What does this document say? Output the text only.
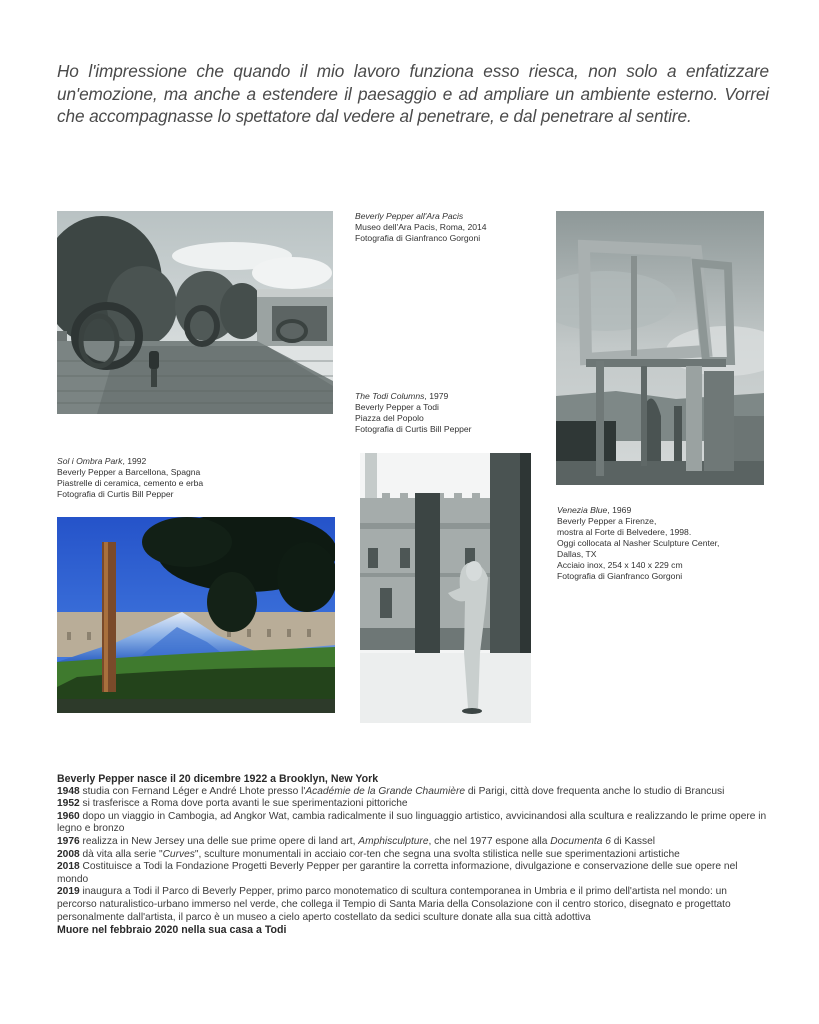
Ho l'impressione che quando il mio lavoro funziona esso riesca, non solo a enfatizzare un'emozione, ma anche a estendere il paesaggio e ad ampliare un ambiente esterno. Vorrei che accompagnasse lo spettatore dal vedere al penetrare, e dal penetrare al sentire.
Beverly Pepper all'Ara Pacis
Museo dell'Ara Pacis, Roma, 2014
Fotografia di Gianfranco Gorgoni
The Todi Columns, 1979
Beverly Pepper a Todi
Piazza del Popolo
Fotografia di Curtis Bill Pepper
Sol i Ombra Park, 1992
Beverly Pepper a Barcellona, Spagna
Piastrelle di ceramica, cemento e erba
Fotografia di Curtis Bill Pepper
Venezia Blue, 1969
Beverly Pepper a Firenze,
mostra al Forte di Belvedere, 1998.
Oggi collocata al Nasher Sculpture Center,
Dallas, TX
Acciaio inox, 254 x 140 x 229 cm
Fotografia di Gianfranco Gorgoni
Beverly Pepper nasce il 20 dicembre 1922 a Brooklyn, New York
1948 studia con Fernand Léger e André Lhote presso l'Académie de la Grande Chaumière di Parigi, città dove frequenta anche lo studio di Brancusi
1952 si trasferisce a Roma dove porta avanti le sue sperimentazioni pittoriche
1960 dopo un viaggio in Cambogia, ad Angkor Wat, cambia radicalmente il suo linguaggio artistico, avvicinandosi alla scultura e realizzando le prime opere in legno e bronzo
1976 realizza in New Jersey una delle sue prime opere di land art, Amphisculpture, che nel 1977 espone alla Documenta 6 di Kassel
2008 dà vita alla serie "Curves", sculture monumentali in acciaio cor-ten che segna una svolta stilistica nelle sue sperimentazioni artistiche
2018 Costituisce a Todi la Fondazione Progetti Beverly Pepper per garantire la corretta informazione, divulgazione e conservazione delle sue opere nel mondo
2019 inaugura a Todi il Parco di Beverly Pepper, primo parco monotematico di scultura contemporanea in Umbria e il primo dell'artista nel mondo: un percorso naturalistico-urbano immerso nel verde, che collega il Tempio di Santa Maria della Consolazione con il centro storico, disegnato e progettato personalmente dall'artista, il parco è un museo a cielo aperto costellato da sedici sculture donate alla sua città adottiva
Muore nel febbraio 2020 nella sua casa a Todi
